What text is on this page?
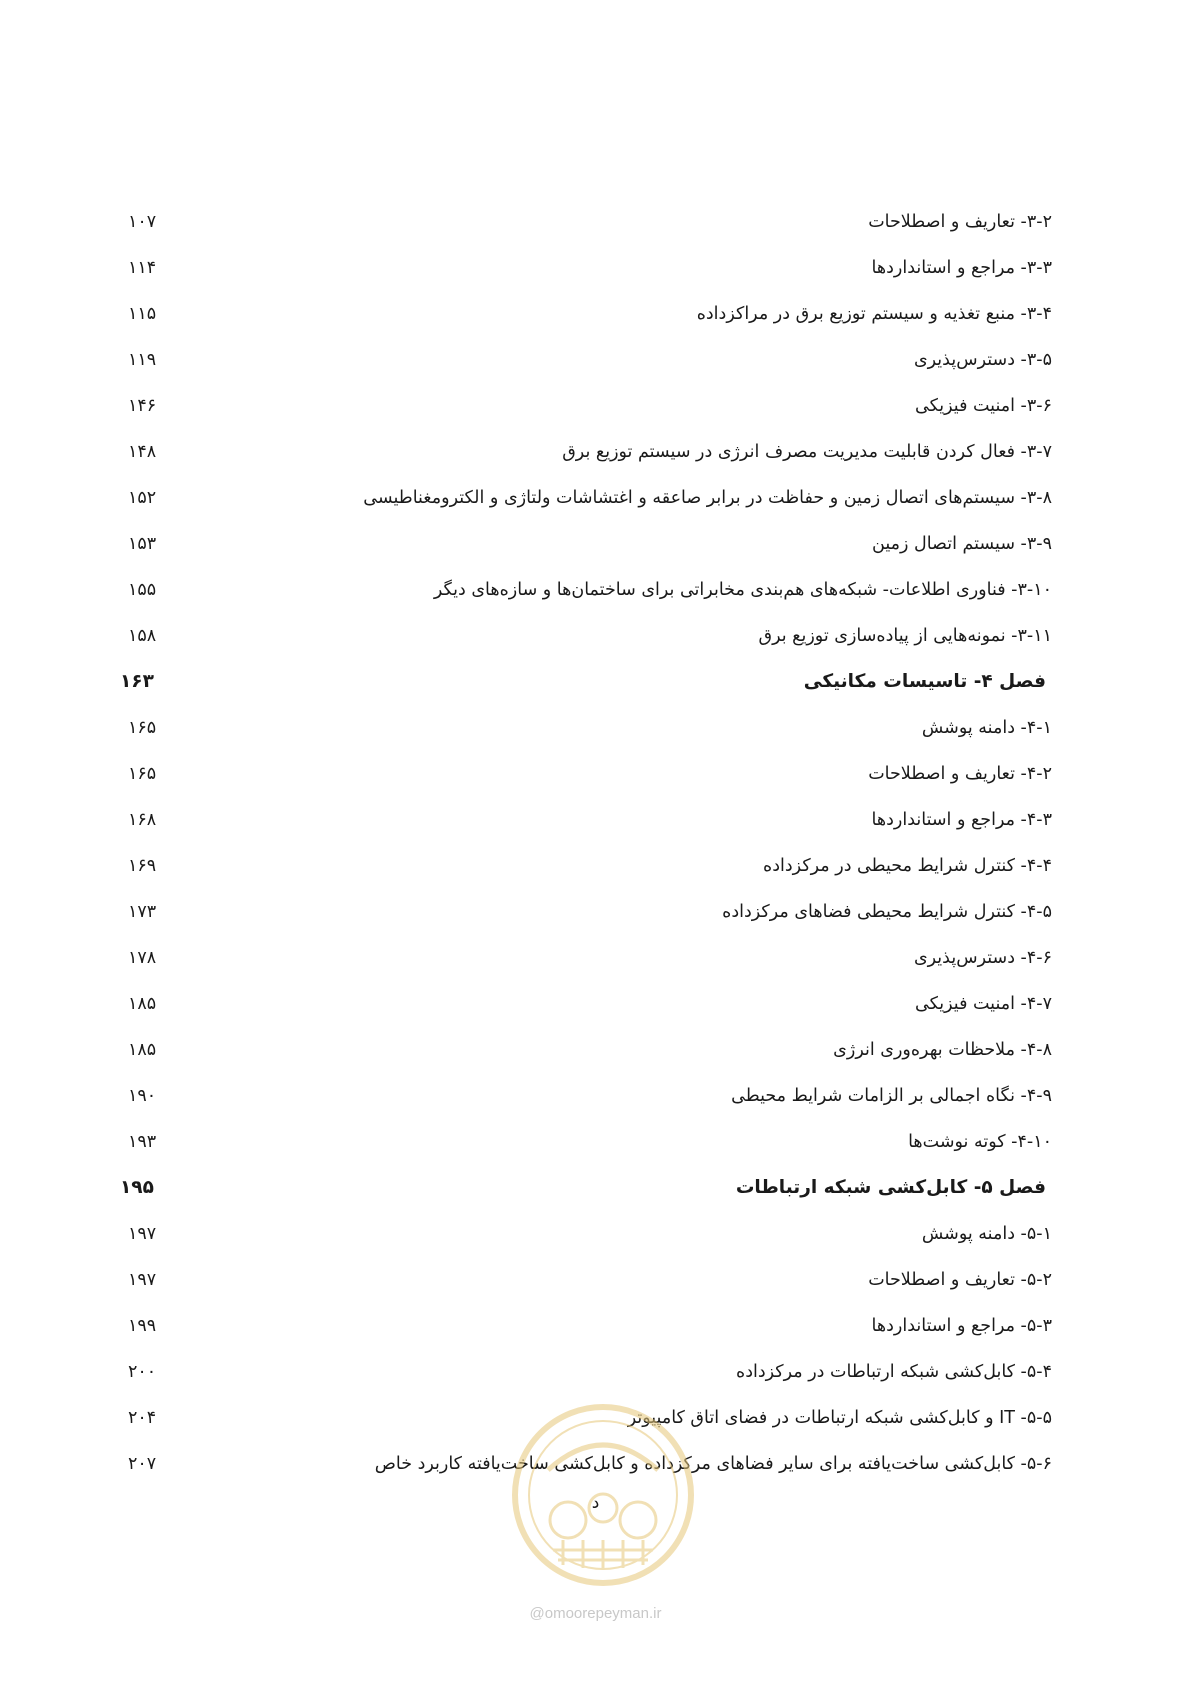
۳-۲- تعاریف و اصطلاحات
۱۰۷
۳-۳- مراجع و استانداردها
۱۱۴
۳-۴- منبع تغذیه و سیستم توزیع برق در مراکزداده
۱۱۵
۳-۵- دسترس‌پذیری
۱۱۹
۳-۶- امنیت فیزیکی
۱۴۶
۳-۷- فعال کردن قابلیت مدیریت مصرف انرژی در سیستم توزیع برق
۱۴۸
۳-۸- سیستم‌های اتصال زمین و حفاظت در برابر صاعقه و اغتشاشات ولتاژی و الکترومغناطیسی
۱۵۲
۳-۹- سیستم اتصال زمین
۱۵۳
۳-۱۰- فناوری اطلاعات- شبکه‌های هم‌بندی مخابراتی برای ساختمان‌ها و سازه‌های دیگر
۱۵۵
۳-۱۱- نمونه‌هایی از پیاده‌سازی توزیع برق
۱۵۸
فصل ۴- تاسیسات مکانیکی
۱۶۳
۴-۱- دامنه پوشش
۱۶۵
۴-۲- تعاریف و اصطلاحات
۱۶۵
۴-۳- مراجع و استانداردها
۱۶۸
۴-۴- کنترل شرایط محیطی در مرکزداده
۱۶۹
۴-۵- کنترل شرایط محیطی فضاهای مرکزداده
۱۷۳
۴-۶- دسترس‌پذیری
۱۷۸
۴-۷- امنیت فیزیکی
۱۸۵
۴-۸- ملاحظات بهره‌وری انرژی
۱۸۵
۴-۹- نگاه اجمالی بر الزامات شرایط محیطی
۱۹۰
۴-۱۰- کوته نوشت‌ها
۱۹۳
فصل ۵- کابل‌کشی شبکه ارتباطات
۱۹۵
۵-۱- دامنه پوشش
۱۹۷
۵-۲- تعاریف و اصطلاحات
۱۹۷
۵-۳- مراجع و استانداردها
۱۹۹
۵-۴- کابل‌کشی شبکه ارتباطات در مرکزداده
۲۰۰
۵-۵- IT و کابل‌کشی شبکه ارتباطات در فضای اتاق کامپیوتر
۲۰۴
۵-۶- کابل‌کشی ساخت‌یافته برای سایر فضاهای مرکزداده و کابل‌کشی ساخت‌یافته کاربرد خاص
۲۰۷
د
@omoorepeyman.ir
